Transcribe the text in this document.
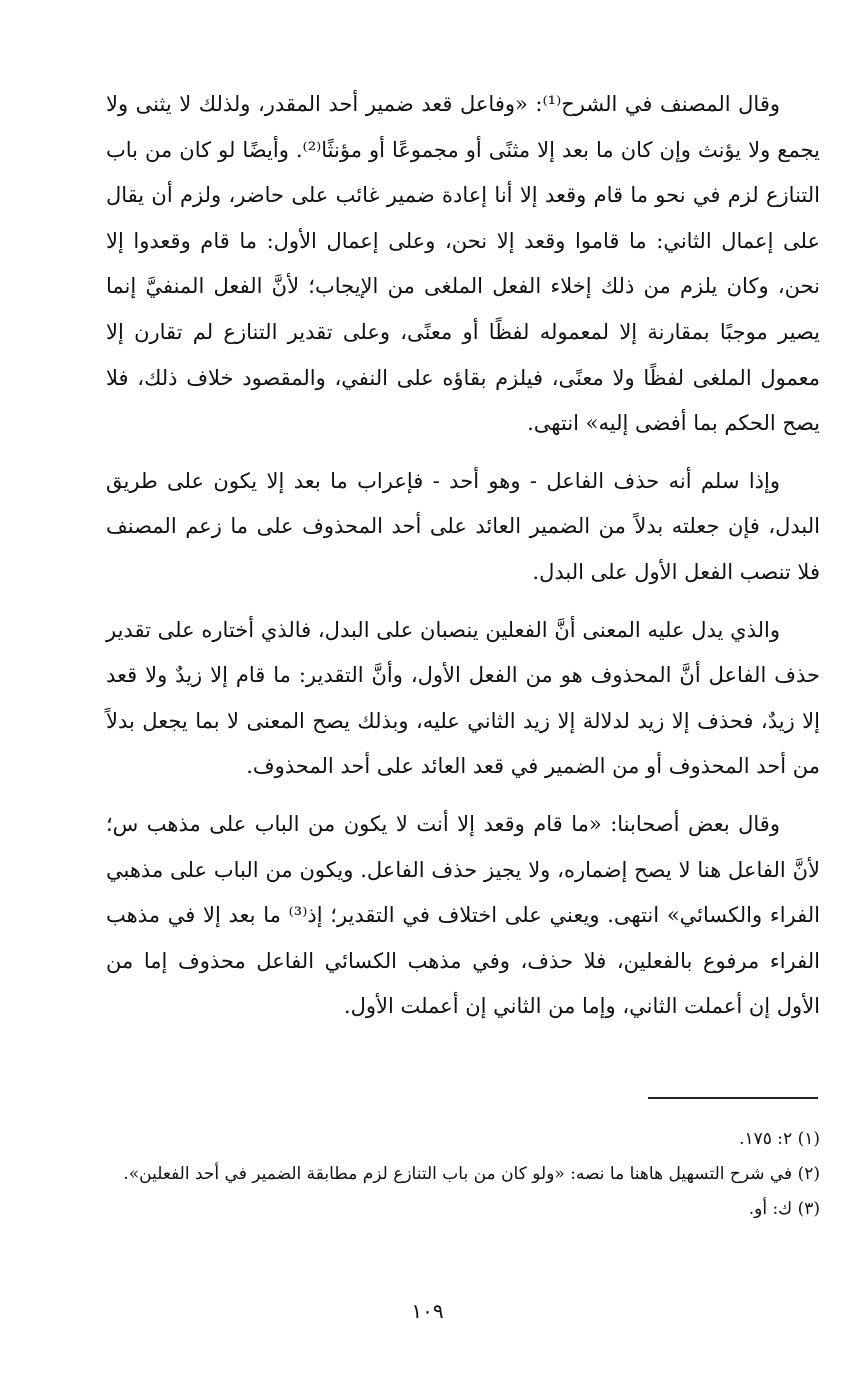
وقال المصنف في الشرح⁽¹⁾: «وفاعل قعد ضمير أحد المقدر، ولذلك لا يثنى ولا يجمع ولا يؤنث وإن كان ما بعد إلا مثنًى أو مجموعًا أو مؤنثًا⁽²⁾. وأيضًا لو كان من باب التنازع لزم في نحو ما قام وقعد إلا أنا إعادة ضمير غائب على حاضر، ولزم أن يقال على إعمال الثاني: ما قاموا وقعد إلا نحن، وعلى إعمال الأول: ما قام وقعدوا إلا نحن، وكان يلزم من ذلك إخلاء الفعل الملغى من الإيجاب؛ لأنَّ الفعل المنفيَّ إنما يصير موجبًا بمقارنة إلا لمعموله لفظًا أو معنًى، وعلى تقدير التنازع لم تقارن إلا معمول الملغى لفظًا ولا معنًى، فيلزم بقاؤه على النفي، والمقصود خلاف ذلك، فلا يصح الحكم بما أفضى إليه» انتهى.

وإذا سلم أنه حذف الفاعل - وهو أحد - فإعراب ما بعد إلا يكون على طريق البدل، فإن جعلته بدلاً من الضمير العائد على أحد المحذوف على ما زعم المصنف فلا تنصب الفعل الأول على البدل.

والذي يدل عليه المعنى أنَّ الفعلين ينصبان على البدل، فالذي أختاره على تقدير حذف الفاعل أنَّ المحذوف هو من الفعل الأول، وأنَّ التقدير: ما قام إلا زيدٌ ولا قعد إلا زيدٌ، فحذف إلا زيد لدلالة إلا زيد الثاني عليه، وبذلك يصح المعنى لا بما يجعل بدلاً من أحد المحذوف أو من الضمير في قعد العائد على أحد المحذوف.

وقال بعض أصحابنا: «ما قام وقعد إلا أنت لا يكون من الباب على مذهب س؛ لأنَّ الفاعل هنا لا يصح إضماره، ولا يجيز حذف الفاعل. ويكون من الباب على مذهبي الفراء والكسائي» انتهى. ويعني على اختلاف في التقدير؛ إذ⁽³⁾ ما بعد إلا في مذهب الفراء مرفوع بالفعلين، فلا حذف، وفي مذهب الكسائي الفاعل محذوف إما من الأول إن أعملت الثاني، وإما من الثاني إن أعملت الأول.

(١) ٢: ١٧٥.

(٢) في شرح التسهيل هاهنا ما نصه: «ولو كان من باب التنازع لزم مطابقة الضمير في أحد الفعلين».

(٣) ك: أو.

١٠٩
